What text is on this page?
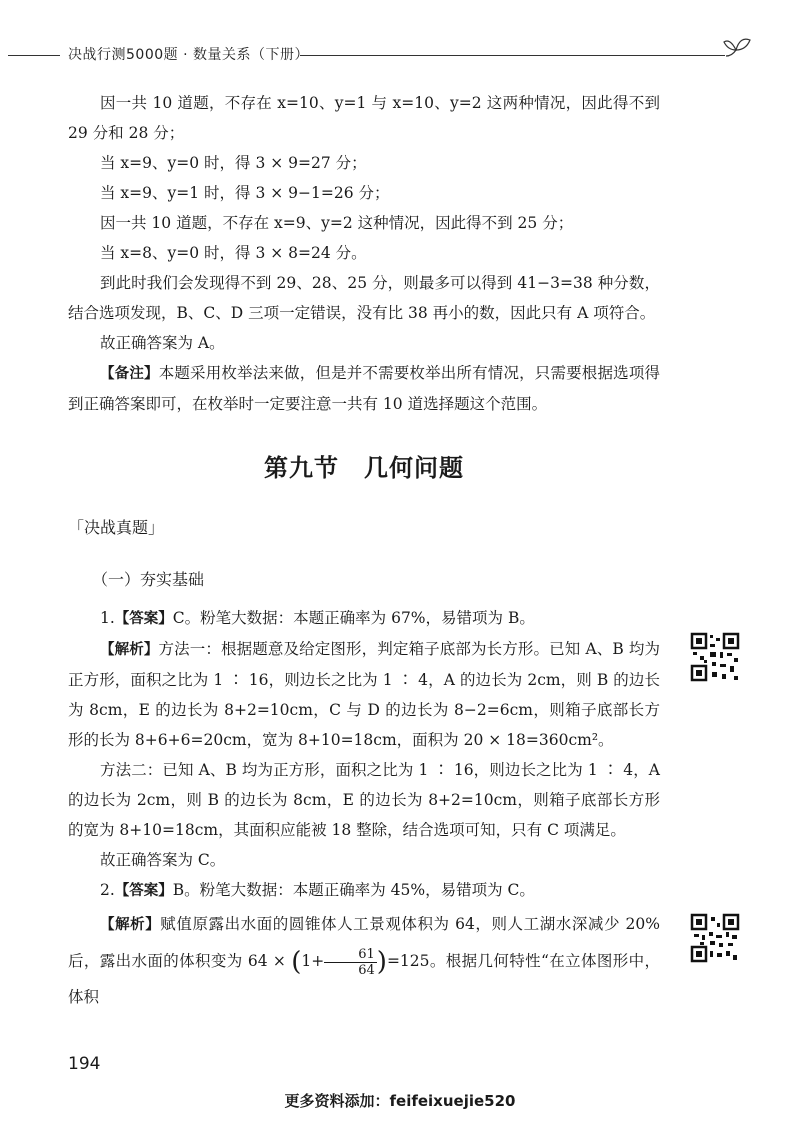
决战行测5000题 · 数量关系（下册）

因一共 10 道题，不存在 x=10、y=1 与 x=10、y=2 这两种情况，因此得不到 29 分和 28 分；

当 x=9、y=0 时，得 3 × 9=27 分；

当 x=9、y=1 时，得 3 × 9−1=26 分；

因一共 10 道题，不存在 x=9、y=2 这种情况，因此得不到 25 分；

当 x=8、y=0 时，得 3 × 8=24 分。

到此时我们会发现得不到 29、28、25 分，则最多可以得到 41−3=38 种分数，结合选项发现，B、C、D 三项一定错误，没有比 38 再小的数，因此只有 A 项符合。

故正确答案为 A。

【备注】本题采用枚举法来做，但是并不需要枚举出所有情况，只需要根据选项得到正确答案即可，在枚举时一定要注意一共有 10 道选择题这个范围。

第九节　几何问题
「决战真题」
（一）夯实基础

1.【答案】C。粉笔大数据：本题正确率为 67%，易错项为 B。

【解析】方法一：根据题意及给定图形，判定箱子底部为长方形。已知 A、B 均为正方形，面积之比为 1 ∶ 16，则边长之比为 1 ∶ 4，A 的边长为 2cm，则 B 的边长为 8cm，E 的边长为 8+2=10cm，C 与 D 的边长为 8−2=6cm，则箱子底部长方形的长为 8+6+6=20cm，宽为 8+10=18cm，面积为 20 × 18=360cm²。

方法二：已知 A、B 均为正方形，面积之比为 1 ∶ 16，则边长之比为 1 ∶ 4，A 的边长为 2cm，则 B 的边长为 8cm，E 的边长为 8+2=10cm，则箱子底部长方形的宽为 8+10=18cm，其面积应能被 18 整除，结合选项可知，只有 C 项满足。

故正确答案为 C。

2.【答案】B。粉笔大数据：本题正确率为 45%，易错项为 C。

【解析】赋值原露出水面的圆锥体人工景观体积为 64，则人工湖水深减少 20% 后，露出水面的体积变为 $64 \times (1+ \frac{61}{64} )=125$。根据几何特性“在立体图形中，体积

194
更多资料添加：feifeixuejie520
